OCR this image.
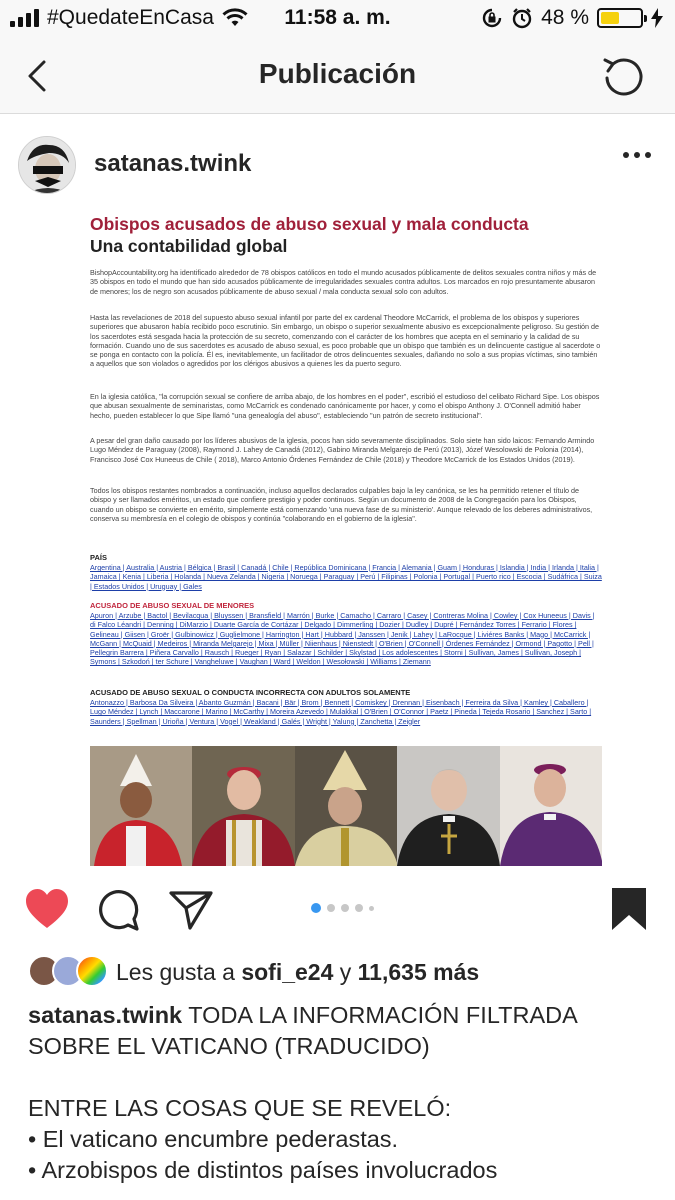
#QuedateEnCasa	11:58 a. m.	48 %
Publicación
satanas.twink
Obispos acusados de abuso sexual y mala conducta
Una contabilidad global
BishopAccountability.org ha identificado alrededor de 78 obispos católicos en todo el mundo acusados públicamente de delitos sexuales contra niños y más de 35 obispos en todo el mundo que han sido acusados públicamente de irregularidades sexuales contra adultos. Los marcados en rojo presuntamente abusaron de menores; los de negro son acusados públicamente de abuso sexual / mala conducta sexual solo con adultos.
Hasta las revelaciones de 2018 del supuesto abuso sexual infantil por parte del ex cardenal Theodore McCarrick, el problema de los obispos y superiores superiores que abusaron había recibido poco escrutinio. Sin embargo, un obispo o superior sexualmente abusivo es excepcionalmente peligroso. Su gestión de los sacerdotes está sesgada hacia la protección de su secreto, comenzando con el carácter de los hombres que acepta en el seminario y la calidad de su formación. Cuando uno de sus sacerdotes es acusado de abuso sexual, es poco probable que un obispo que también es un delincuente castigue al sacerdote o se ponga en contacto con la policía. Él es, inevitablemente, un facilitador de otros delincuentes sexuales, dañando no solo a sus propias víctimas, sino también a aquellos que son violados o agredidos por los clérigos abusivos a quienes les da puerto seguro.
En la iglesia católica, "la corrupción sexual se confiere de arriba abajo, de los hombres en el poder", escribió el estudioso del celibato Richard Sipe. Los obispos que abusan sexualmente de seminaristas, como McCarrick es condenado canónicamente por hacer, y como el obispo Anthony J. O'Connell admitió haber hecho, pueden establecer lo que Sipe llamó "una genealogía del abuso", estableciendo "un patrón de secreto institucional".
A pesar del gran daño causado por los líderes abusivos de la iglesia, pocos han sido severamente disciplinados. Solo siete han sido laicos: Fernando Armindo Lugo Méndez de Paraguay (2008), Raymond J. Lahey de Canadá (2012), Gabino Miranda Melgarejo de Perú (2013), Józef Wesolowski de Polonia (2014), Francisco José Cox Huneeus de Chile ( 2018), Marco Antonio Órdenes Fernández de Chile (2018) y Theodore McCarrick de los Estados Unidos (2019).
Todos los obispos restantes nombrados a continuación, incluso aquellos declarados culpables bajo la ley canónica, se les ha permitido retener el título de obispo y ser llamados eméritos, un estado que confiere prestigio y poder continuos. Según un documento de 2008 de la Congregación para los Obispos, cuando un obispo se convierte en emérito, simplemente está comenzando 'una nueva fase de su ministerio'. Aunque relevado de los deberes administrativos, conserva su membresía en el colegio de obispos y continúa "colaborando en el gobierno de la iglesia".
PAÍS
Argentina | Australia | Austria | Bélgica | Brasil | Canadá | Chile | República Dominicana | Francia | Alemania | Guam | Honduras | Islandia | India | Irlanda | Italia | Jamaica | Kenia | Liberia | Holanda | Nueva Zelanda | Nigeria | Noruega | Paraguay | Perú | Filipinas | Polonia | Portugal | Puerto rico | Escocia | Sudáfrica | Suiza | Estados Unidos | Uruguay | Gales
ACUSADO DE ABUSO SEXUAL DE MENORES
Apuron | Arzube | Bactol | Bevilacqua | Bluyssen | Bransfield | Marrón | Burke | Camacho | Carraro | Casey | Contreras Molina | Cowley | Cox Huneeus | Davis | di Falco Léandri | Denning | DiMarzio | Duarte García de Cortázar | Delgado | Dimmerling | Dozier | Dudley | Dupré | Fernández Torres | Ferrario | Flores | Gelineau | Giisen | Groër | Gulbinowicz | Guglielmone | Harrington | Hart | Hubbard | Janssen | Jenik | Lahey | LaRocque | Liviéres Banks | Mago | McCarrick | McGann | McQuaid | Medeiros | Miranda Melgarejo | Mixa | Müller | Niienhaus | Nienstedt | O'Brien | O'Connell | Órdenes Fernández | Ormond | Pagotto | Pell | Pellegrin Barrera | Piñera Carvallo | Rausch | Rueger | Ryan | Salazar | Schilder | Skylstad | Los adolescentes | Storni | Sullivan, James | Sullivan, Joseph | Symons | Szkodoń | ter Schure | Vangheluwe | Vaughan | Ward | Weldon | Wesołowski | Williams | Ziemann
ACUSADO DE ABUSO SEXUAL O CONDUCTA INCORRECTA CON ADULTOS SOLAMENTE
Antonazzo | Barbosa Da Silveira | Abanto Guzmán | Bacani | Bär | Brom | Bennett | Comiskey | Drennan | Eisenbach | Ferreira da Silva | Kamley | Caballero | Lugo Méndez | Lynch | Maccarone | Marino | McCarthy | Moreira Azevedo | Mulakkal | O'Brien | O'Connor | Paetz | Pineda | Tejeda Rosario | Sanchez | Sarto | Saunders | Spellman | Urioña | Ventura | Vogel | Weakland | Galés | Wright | Yalung | Zanchetta | Zeigler
Les gusta a
sofi_e24
y
11,635 más
satanas.twink TODA LA INFORMACIÓN FILTRADA SOBRE EL VATICANO (TRADUCIDO)
ENTRE LAS COSAS QUE SE REVELÓ:
• El vaticano encumbre pederastas.
• Arzobispos de distintos países involucrados
